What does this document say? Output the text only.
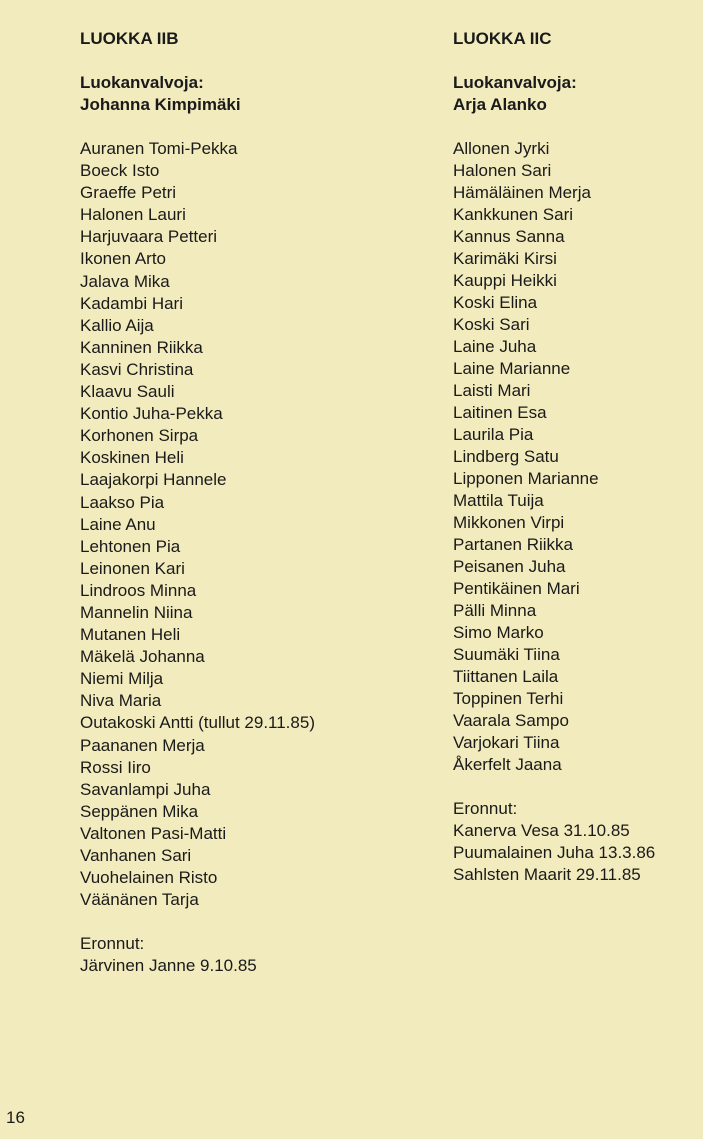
LUOKKA IIB
Luokanvalvoja:
Johanna Kimpimäki
Auranen Tomi-Pekka
Boeck Isto
Graeffe Petri
Halonen Lauri
Harjuvaara Petteri
Ikonen Arto
Jalava Mika
Kadambi Hari
Kallio Aija
Kanninen Riikka
Kasvi Christina
Klaavu Sauli
Kontio Juha-Pekka
Korhonen Sirpa
Koskinen Heli
Laajakorpi Hannele
Laakso Pia
Laine Anu
Lehtonen Pia
Leinonen Kari
Lindroos Minna
Mannelin Niina
Mutanen Heli
Mäkelä Johanna
Niemi Milja
Niva Maria
Outakoski Antti (tullut 29.11.85)
Paananen Merja
Rossi Iiro
Savanlampi Juha
Seppänen Mika
Valtonen Pasi-Matti
Vanhanen Sari
Vuohelainen Risto
Väänänen Tarja
Eronnut:
Järvinen Janne 9.10.85
LUOKKA IIC
Luokanvalvoja:
Arja Alanko
Allonen Jyrki
Halonen Sari
Hämäläinen Merja
Kankkunen Sari
Kannus Sanna
Karimäki Kirsi
Kauppi Heikki
Koski Elina
Koski Sari
Laine Juha
Laine Marianne
Laisti Mari
Laitinen Esa
Laurila Pia
Lindberg Satu
Lipponen Marianne
Mattila Tuija
Mikkonen Virpi
Partanen Riikka
Peisanen Juha
Pentikäinen Mari
Pälli Minna
Simo Marko
Suumäki Tiina
Tiittanen Laila
Toppinen Terhi
Vaarala Sampo
Varjokari Tiina
Åkerfelt Jaana
Eronnut:
Kanerva Vesa 31.10.85
Puumalainen Juha 13.3.86
Sahlsten Maarit 29.11.85
16
